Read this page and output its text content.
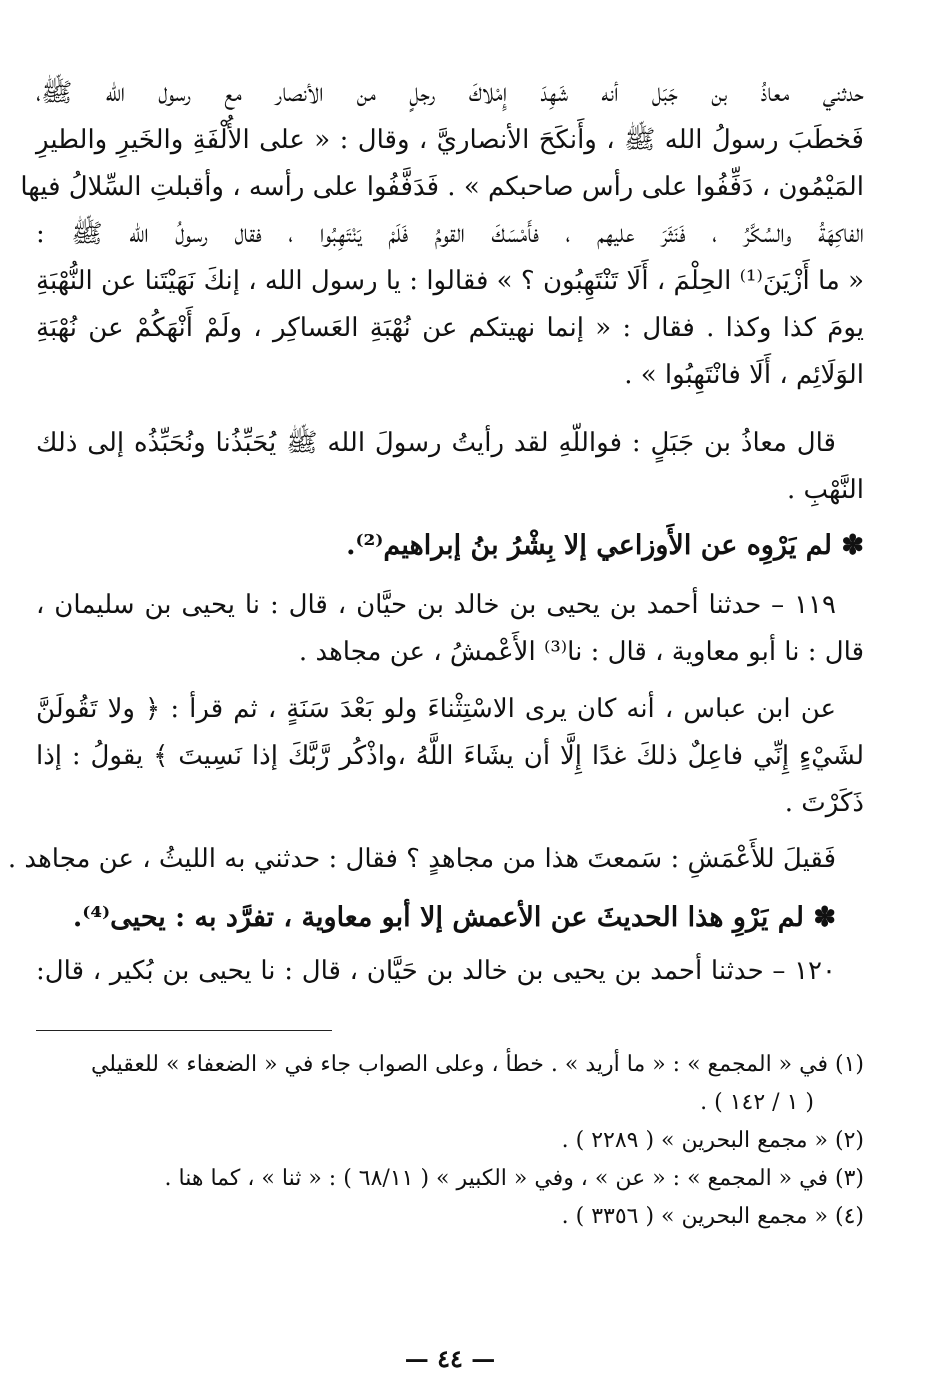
حدثني معاذُ بن جَبَل أنه شَهِدَ إِمْلاكَ رجلٍ من الأنصار مع رسول الله ﷺ،
فَخطَبَ رسولُ الله ﷺ ، وأَنكَحَ الأنصاريَّ ، وقال : « على الأُلْفَةِ والخَيرِ والطيرِ
المَيْمُون ، دَفِّفُوا على رأس صاحبكم » . فَدَفَّفُوا على رأسه ، وأقبلتِ السِّلالُ فيها
الفاكِهَةُ والسُكَّرُ ، فَنَثَرَ عليهم ، فأَمْسَكَ القومُ فَلَمْ يَنْتَهِبُوا ، فقال رسولُ الله ﷺ :
« ما أَزْيَنَ⁽¹⁾ الحِلْمَ ، أَلَا تَنْتَهِبُون ؟ » فقالوا : يا رسول الله ، إنكَ نَهَيْتَنا عن النُّهْبَةِ
يومَ كذا وكذا . فقال : « إنما نهيتكم عن نُهْبَةِ العَساكِر ، ولَمْ أَنْهَكُمْ عن نُهْبَةِ
الوَلَائِم ، أَلَا فانْتَهِبُوا » .
قال معاذُ بن جَبَلٍ : فواللّهِ لقد رأيتُ رسولَ الله ﷺ يُحَبِّذُنا ونُحَبِّذُه إلى ذلك
النَّهْبِ .
✽ لم يَرْوِه عن الأَوزاعي إلا بِشْرُ بنُ إبراهيم⁽²⁾.
١١٩ – حدثنا أحمد بن يحيى بن خالد بن حيَّان ، قال : نا يحيى بن سليمان ،
قال : نا أبو معاوية ، قال : نا⁽³⁾ الأَعْمشُ ، عن مجاهد .
عن ابن عباس ، أنه كان يرى الاسْتِثْناءَ ولو بَعْدَ سَنَةٍ ، ثم قرأ : ﴿ ولا تَقُولَنَّ
لشَيْءٍ إِنِّي فاعِلٌ ذلكَ غدًا إِلَّا أن يشَاءَ اللَّهُ ،واذْكُر رَّبَّكَ إذا نَسِيتَ ﴾ يقولُ : إذا
ذَكَرْتَ .
فَقيلَ للأَعْمَشِ : سَمعتَ هذا من مجاهدٍ ؟ فقال : حدثني به الليثُ ، عن مجاهد .
✽ لم يَرْوِ هذا الحديثَ عن الأعمش إلا أبو معاوية ، تفرَّد به : يحيى⁽⁴⁾.
١٢٠ – حدثنا أحمد بن يحيى بن خالد بن حَيَّان ، قال : نا يحيى بن بُكير ، قال:

(١) في « المجمع » : « ما أريد » . خطأ ، وعلى الصواب جاء في « الضعفاء » للعقيلي

( ١ / ١٤٢ ) .

(٢) « مجمع البحرين » ( ٢٢٨٩ ) .

(٣) في « المجمع » : « عن » ، وفي « الكبير » ( ٦٨/١١ ) : « ثنا » ، كما هنا .

(٤) « مجمع البحرين » ( ٣٣٥٦ ) .

— ٤٤ —
